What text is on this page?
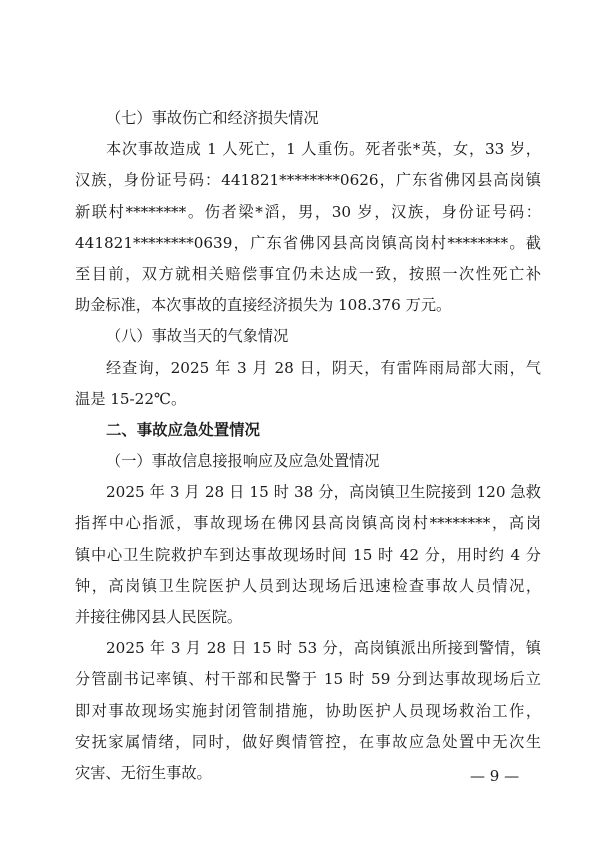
（七）事故伤亡和经济损失情况
本次事故造成 1 人死亡，1 人重伤。死者张*英，女，33 岁，
汉族，身份证号码：441821********0626，广东省佛冈县高岗镇
新联村********。伤者梁*滔，男，30 岁，汉族，身份证号码：
441821********0639，广东省佛冈县高岗镇高岗村********。截
至目前，双方就相关赔偿事宜仍未达成一致，按照一次性死亡补
助金标准，本次事故的直接经济损失为 108.376 万元。
（八）事故当天的气象情况
经查询，2025 年 3 月 28 日，阴天，有雷阵雨局部大雨，气
温是 15-22℃。
二、事故应急处置情况
（一）事故信息接报响应及应急处置情况
2025 年 3 月 28 日 15 时 38 分，高岗镇卫生院接到 120 急救
指挥中心指派，事故现场在佛冈县高岗镇高岗村********，高岗
镇中心卫生院救护车到达事故现场时间 15 时 42 分，用时约 4 分
钟，高岗镇卫生院医护人员到达现场后迅速检查事故人员情况，
并接往佛冈县人民医院。
2025 年 3 月 28 日 15 时 53 分，高岗镇派出所接到警情，镇
分管副书记率镇、村干部和民警于 15 时 59 分到达事故现场后立
即对事故现场实施封闭管制措施，协助医护人员现场救治工作，
安抚家属情绪，同时，做好舆情管控，在事故应急处置中无次生
灾害、无衍生事故。	— 9 —
